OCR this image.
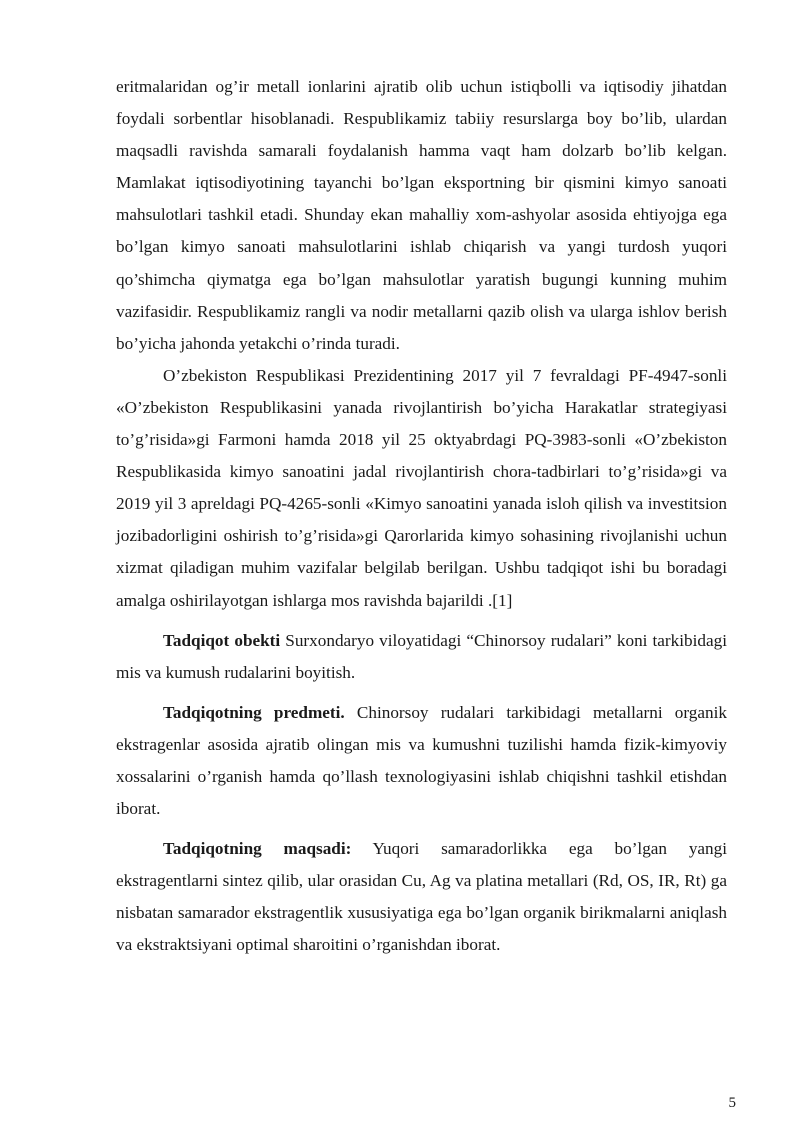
eritmalaridan og’ir metall ionlarini ajratib olib uchun istiqbolli va iqtisodiy jihatdan foydali sorbentlar hisoblanadi. Respublikamiz tabiiy resurslarga boy bo’lib, ulardan maqsadli ravishda samarali foydalanish hamma vaqt ham dolzarb bo’lib kelgan. Mamlakat iqtisodiyotining tayanchi bo’lgan eksportning bir qismini kimyo sanoati mahsulotlari tashkil etadi. Shunday ekan mahalliy xom-ashyolar asosida ehtiyojga ega bo’lgan kimyo sanoati mahsulotlarini ishlab chiqarish va yangi turdosh yuqori qo’shimcha qiymatga ega bo’lgan mahsulotlar yaratish bugungi kunning muhim vazifasidir. Respublikamiz rangli va nodir metallarni qazib olish va ularga ishlov berish bo’yicha jahonda yetakchi o’rinda turadi.

O’zbekiston Respublikasi Prezidentining 2017 yil 7 fevraldagi PF-4947-sonli «O’zbekiston Respublikasini yanada rivojlantirish bo’yicha Harakatlar strategiyasi to’g’risida»gi Farmoni hamda 2018 yil 25 oktyabrdagi PQ-3983-sonli «O’zbekiston Respublikasida kimyo sanoatini jadal rivojlantirish chora-tadbirlari to’g’risida»gi va 2019 yil 3 apreldagi PQ-4265-sonli «Kimyo sanoatini yanada isloh qilish va investitsion jozibadorligini oshirish to’g’risida»gi Qarorlarida kimyo sohasining rivojlanishi uchun xizmat qiladigan muhim vazifalar belgilab berilgan. Ushbu tadqiqot ishi bu boradagi amalga oshirilayotgan ishlarga mos ravishda bajarildi .[1]

Tadqiqot obekti Surxondaryo viloyatidagi “Chinorsoy rudalari” koni tarkibidagi mis va kumush rudalarini boyitish.

Tadqiqotning predmeti. Chinorsoy rudalari tarkibidagi metallarni organik ekstragenlar asosida ajratib olingan mis va kumushni tuzilishi hamda fizik-kimyoviy xossalarini o’rganish hamda qo’llash texnologiyasini ishlab chiqishni tashkil etishdan iborat.

Tadqiqotning maqsadi: Yuqori samaradorlikka ega bo’lgan yangi ekstragentlarni sintez qilib, ular orasidan Cu, Ag va platina metallari (Rd, OS, IR, Rt) ga nisbatan samarador ekstragentlik xususiyatiga ega bo’lgan organik birikmalarni aniqlash va ekstraktsiyani optimal sharoitini o’rganishdan iborat.

5
